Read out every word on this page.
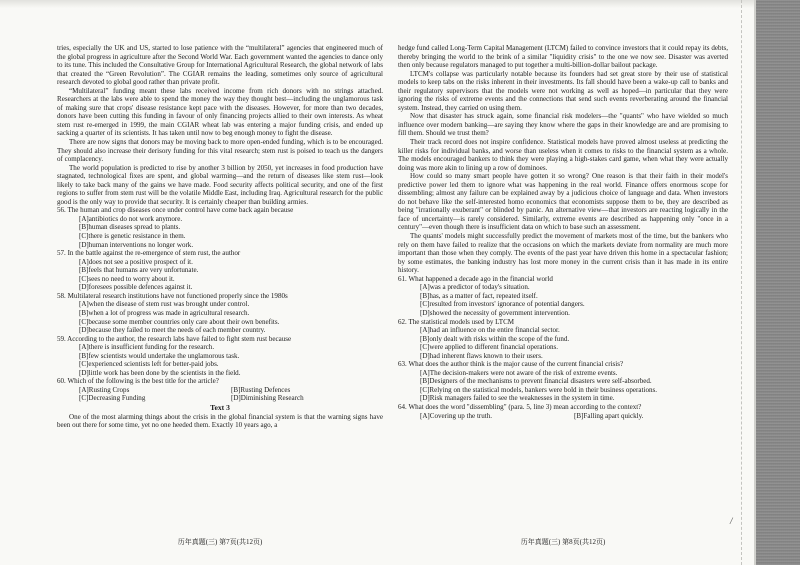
tries, especially the UK and US, started to lose patience with the “multilateral” agencies that engineered much of the global progress in agriculture after the Second World War. Each government wanted the agencies to dance only to its tune. This included the Consultative Group for International Agricultural Research, the global network of labs that created the “Green Revolution”. The CGIAR remains the leading, sometimes only source of agricultural research devoted to global good rather than private profit.

“Multilateral” funding meant these labs received income from rich donors with no strings attached. Researchers at the labs were able to spend the money the way they thought best—including the unglamorous task of making sure that crops' disease resistance kept pace with the diseases. However, for more than two decades, donors have been cutting this funding in favour of only financing projects allied to their own interests. As wheat stem rust re-emerged in 1999, the main CGIAR wheat lab was entering a major funding crisis, and ended up sacking a quarter of its scientists. It has taken until now to beg enough money to fight the disease.

There are now signs that donors may be moving back to more open-ended funding, which is to be encouraged. They should also increase their derisory funding for this vital research; stem rust is poised to teach us the dangers of complacency.

The world population is predicted to rise by another 3 billion by 2050, yet increases in food production have stagnated, technological fixes are spent, and global warming—and the return of diseases like stem rust—look likely to take back many of the gains we have made. Food security affects political security, and one of the first regions to suffer from stem rust will be the volatile Middle East, including Iraq. Agricultural research for the public good is the only way to provide that security. It is certainly cheaper than building armies.

56. The human and crop diseases once under control have come back again because
[A]antibiotics do not work anymore.
[B]human diseases spread to plants.
[C]there is genetic resistance in them.
[D]human interventions no longer work.
57. In the battle against the re-emergence of stem rust, the author
[A]does not see a positive prospect of it.
[B]feels that humans are very unfortunate.
[C]sees no need to worry about it.
[D]foresees possible defences against it.
58. Multilateral research institutions have not functioned properly since the 1980s
[A]when the disease of stem rust was brought under control.
[B]when a lot of progress was made in agricultural research.
[C]because some member countries only care about their own benefits.
[D]because they failed to meet the needs of each member country.
59. According to the author, the research labs have failed to fight stem rust because
[A]there is insufficient funding for the research.
[B]few scientists would undertake the unglamorous task.
[C]experienced scientists left for better-paid jobs.
[D]little work has been done by the scientists in the field.
60. Which of the following is the best title for the article?
[A]Rusting Crops	[B]Rusting Defences
[C]Decreasing Funding	[D]Diminishing Research
Text 3

One of the most alarming things about the crisis in the global financial system is that the warning signs have been out there for some time, yet no one heeded them. Exactly 10 years ago, a

历年真题(三) 第7页(共12页)

hedge fund called Long-Term Capital Management (LTCM) failed to convince investors that it could repay its debts, thereby bringing the world to the brink of a similar "liquidity crisis" to the one we now see. Disaster was averted then only because regulators managed to put together a multi-billion-dollar bailout package.

LTCM's collapse was particularly notable because its founders had set great store by their use of statistical models to keep tabs on the risks inherent in their investments. Its fall should have been a wake-up call to banks and their regulatory supervisors that the models were not working as well as hoped—in particular that they were ignoring the risks of extreme events and the connections that send such events reverberating around the financial system. Instead, they carried on using them.

Now that disaster has struck again, some financial risk modelers—the "quants" who have wielded so much influence over modern banking—are saying they know where the gaps in their knowledge are and are promising to fill them. Should we trust them?

Their track record does not inspire confidence. Statistical models have proved almost useless at predicting the killer risks for individual banks, and worse than useless when it comes to risks to the financial system as a whole. The models encouraged bankers to think they were playing a high-stakes card game, when what they were actually doing was more akin to lining up a row of dominoes.

How could so many smart people have gotten it so wrong? One reason is that their faith in their model's predictive power led them to ignore what was happening in the real world. Finance offers enormous scope for dissembling; almost any failure can be explained away by a judicious choice of language and data. When investors do not behave like the self-interested homo economics that economists suppose them to be, they are described as being "irrationally exuberant" or blinded by panic. An alternative view—that investors are reacting logically in the face of uncertainty—is rarely considered. Similarly, extreme events are described as happening only "once in a century"—even though there is insufficient data on which to base such an assessment.

The quants' models might successfully predict the movement of markets most of the time, but the bankers who rely on them have failed to realize that the occasions on which the markets deviate from normality are much more important than those when they comply. The events of the past year have driven this home in a spectacular fashion; by some estimates, the banking industry has lost more money in the current crisis than it has made in its entire history.

61. What happened a decade ago in the financial world
[A]was a predictor of today's situation.
[B]has, as a matter of fact, repeated itself.
[C]resulted from investors' ignorance of potential dangers.
[D]showed the necessity of government intervention.
62. The statistical models used by LTCM
[A]had an influence on the entire financial sector.
[B]only dealt with risks within the scope of the fund.
[C]were applied to different financial operations.
[D]had inherent flaws known to their users.
63. What does the author think is the major cause of the current financial crisis?
[A]The decision-makers were not aware of the risk of extreme events.
[B]Designers of the mechanisms to prevent financial disasters were self-absorbed.
[C]Relying on the statistical models, bankers were bold in their business operations.
[D]Risk managers failed to see the weaknesses in the system in time.
64. What does the word "dissembling" (para. 5, line 3) mean according to the context?
[A]Covering up the truth.	[B]Falling apart quickly.
历年真题(三) 第8页(共12页)
/
